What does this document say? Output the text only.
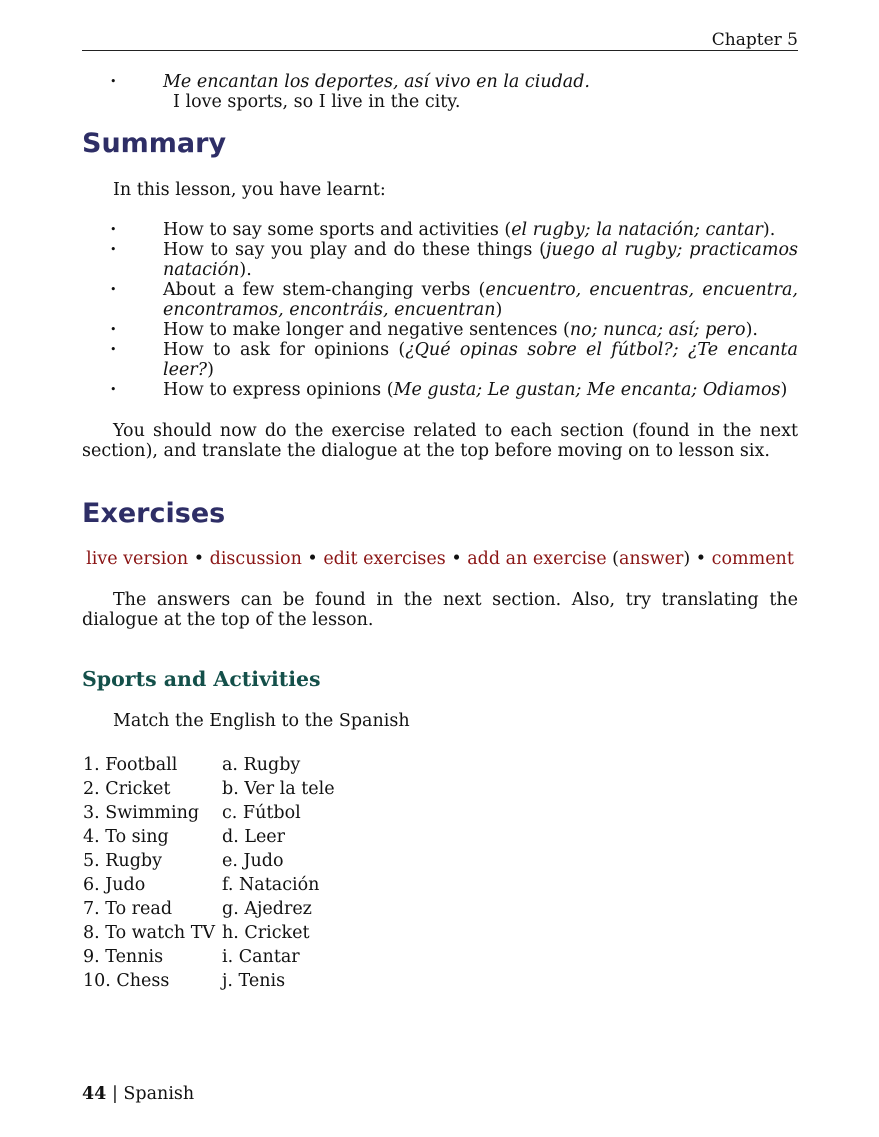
Chapter 5
•	Me encantan los deportes, así vivo en la ciudad.
I love sports, so I live in the city.
Summary
In this lesson, you have learnt:
•	How to say some sports and activities (el rugby; la natación; cantar).
•	How to say you play and do these things (juego al rugby; practicamos natación).
•	About a few stem-changing verbs (encuentro, encuentras, encuentra, encontramos, encontráis, encuentran)
•	How to make longer and negative sentences (no; nunca; así; pero).
•	How to ask for opinions (¿Qué opinas sobre el fútbol?; ¿Te encanta leer?)
•	How to express opinions (Me gusta; Le gustan; Me encanta; Odiamos)
You should now do the exercise related to each section (found in the next section), and translate the dialogue at the top before moving on to lesson six.
Exercises
live version • discussion • edit exercises • add an exercise (answer) • comment
The answers can be found in the next section. Also, try translating the dialogue at the top of the lesson.
Sports and Activities
Match the English to the Spanish
1. Football	a. Rugby
2. Cricket	b. Ver la tele
3. Swimming	c. Fútbol
4. To sing	d. Leer
5. Rugby	e. Judo
6. Judo	f. Natación
7. To read	g. Ajedrez
8. To watch TV	h. Cricket
9. Tennis	i. Cantar
10. Chess	j. Tenis
44 | Spanish
